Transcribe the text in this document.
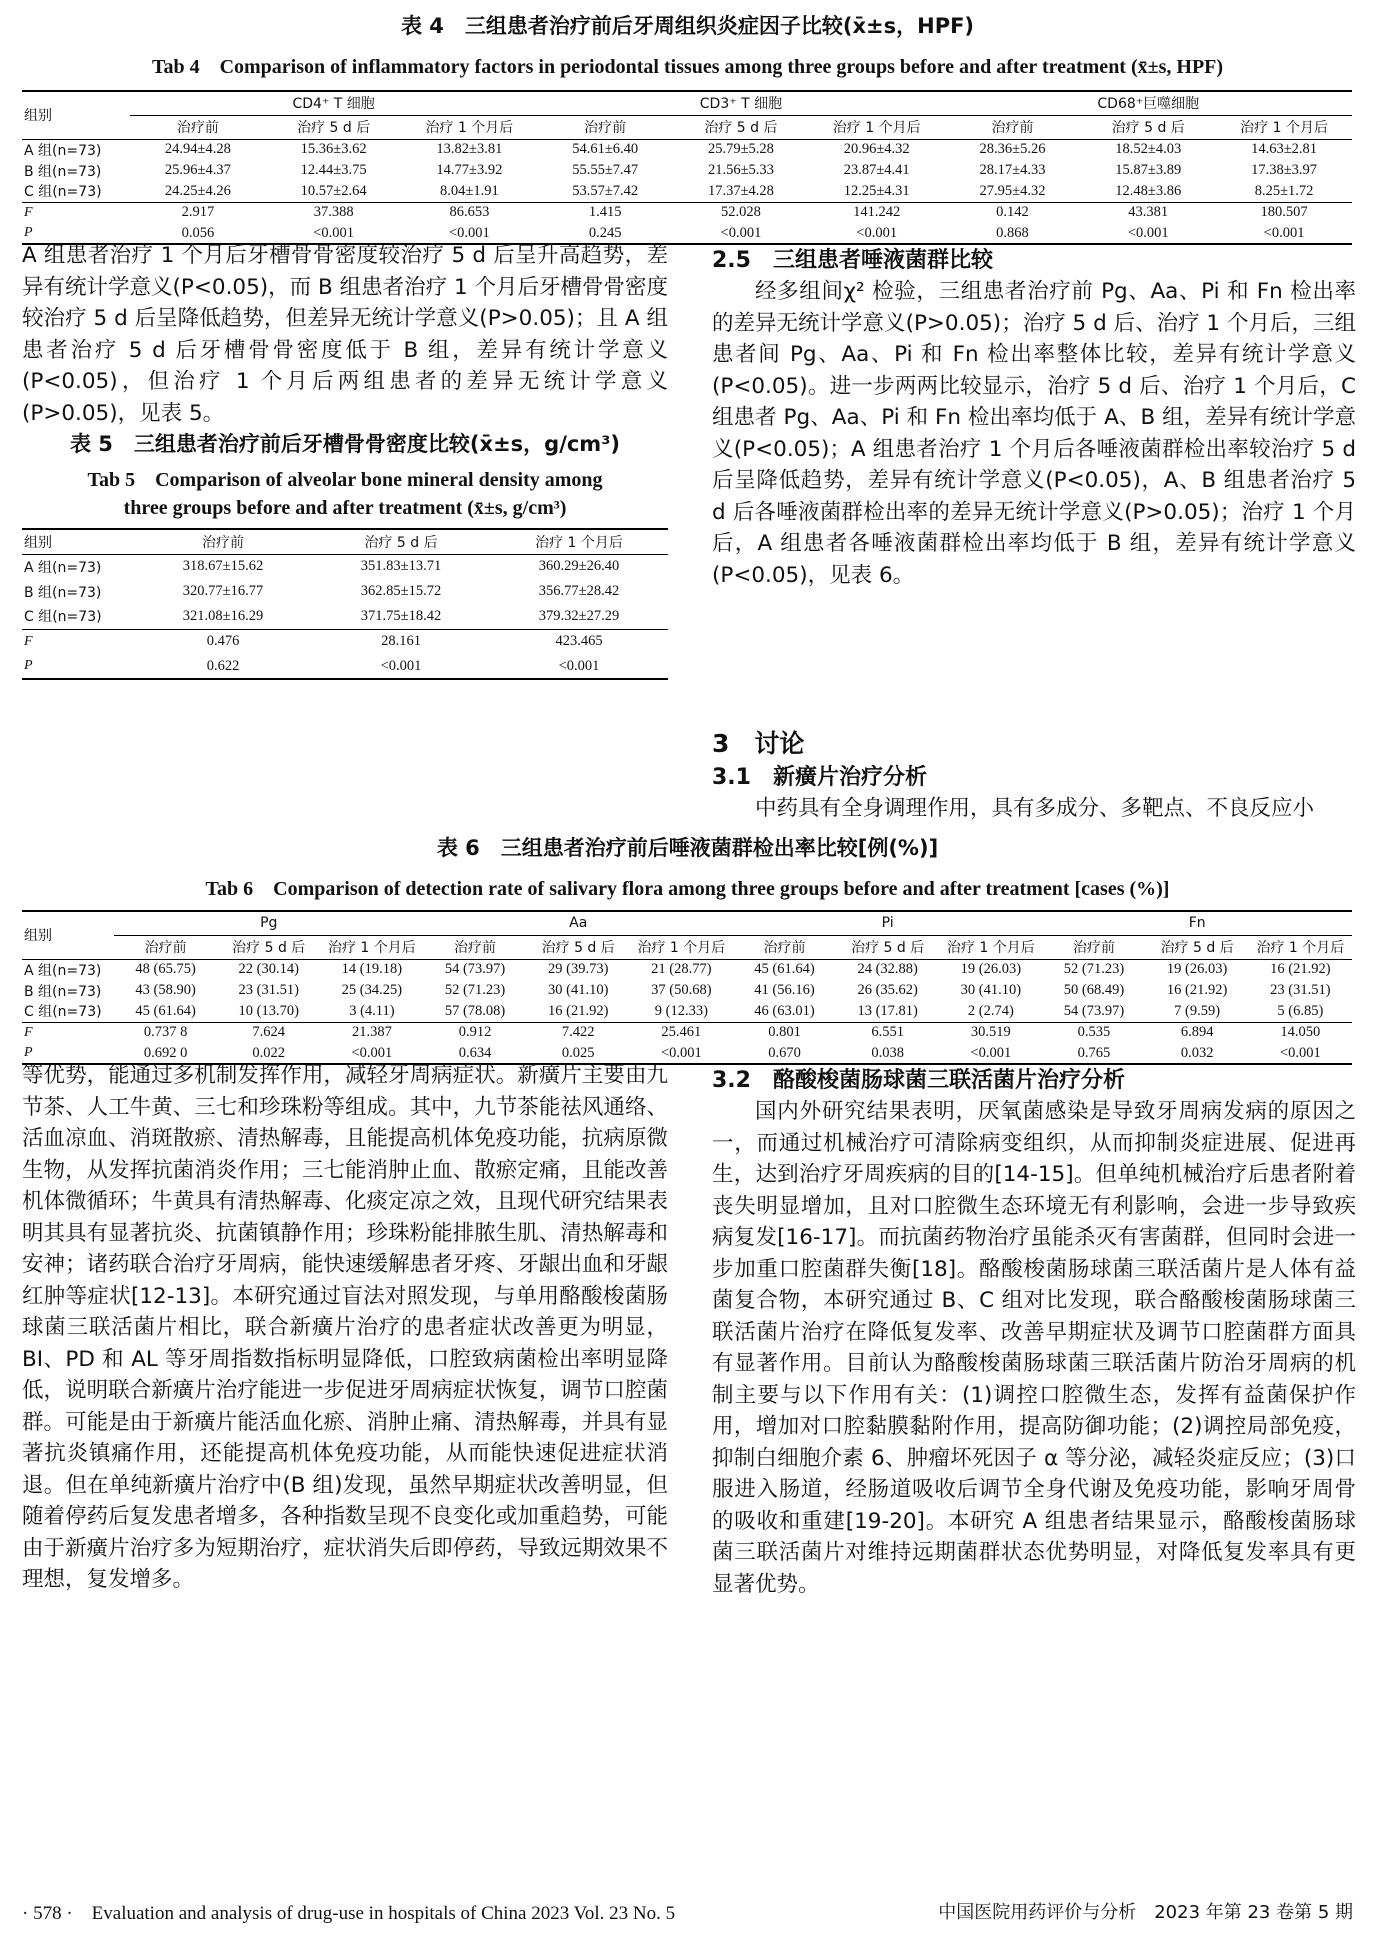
表 4　三组患者治疗前后牙周组织炎症因子比较(x̄±s，HPF)
Tab 4　Comparison of inflammatory factors in periodontal tissues among three groups before and after treatment (x̄±s, HPF)
组别	CD4⁺ T 细胞			CD3⁺ T 细胞			CD68⁺巨噬细胞		
	治疗前	治疗 5 d 后	治疗 1 个月后	治疗前	治疗 5 d 后	治疗 1 个月后	治疗前	治疗 5 d 后	治疗 1 个月后
A 组(n=73)	24.94±4.28	15.36±3.62	13.82±3.81	54.61±6.40	25.79±5.28	20.96±4.32	28.36±5.26	18.52±4.03	14.63±2.81
B 组(n=73)	25.96±4.37	12.44±3.75	14.77±3.92	55.55±7.47	21.56±5.33	23.87±4.41	28.17±4.33	15.87±3.89	17.38±3.97
C 组(n=73)	24.25±4.26	10.57±2.64	8.04±1.91	53.57±7.42	17.37±4.28	12.25±4.31	27.95±4.32	12.48±3.86	8.25±1.72
F	2.917	37.388	86.653	1.415	52.028	141.242	0.142	43.381	180.507
P	0.056	<0.001	<0.001	0.245	<0.001	<0.001	0.868	<0.001	<0.001

A 组患者治疗 1 个月后牙槽骨骨密度较治疗 5 d 后呈升高趋势，差异有统计学意义(P<0.05)，而 B 组患者治疗 1 个月后牙槽骨骨密度较治疗 5 d 后呈降低趋势，但差异无统计学意义(P>0.05)；且 A 组患者治疗 5 d 后牙槽骨骨密度低于 B 组，差异有统计学意义(P<0.05)，但治疗 1 个月后两组患者的差异无统计学意义(P>0.05)，见表 5。

表 5　三组患者治疗前后牙槽骨骨密度比较(x̄±s，g/cm³)
Tab 5　Comparison of alveolar bone mineral density among
three groups before and after treatment (x̄±s, g/cm³)
组别	治疗前	治疗 5 d 后	治疗 1 个月后
A 组(n=73)	318.67±15.62	351.83±13.71	360.29±26.40
B 组(n=73)	320.77±16.77	362.85±15.72	356.77±28.42
C 组(n=73)	321.08±16.29	371.75±18.42	379.32±27.29
F	0.476	28.161	423.465
P	0.622	<0.001	<0.001
2.5　三组患者唾液菌群比较
经多组间χ² 检验，三组患者治疗前 Pg、Aa、Pi 和 Fn 检出率的差异无统计学意义(P>0.05)；治疗 5 d 后、治疗 1 个月后，三组患者间 Pg、Aa、Pi 和 Fn 检出率整体比较，差异有统计学意义(P<0.05)。进一步两两比较显示，治疗 5 d 后、治疗 1 个月后，C 组患者 Pg、Aa、Pi 和 Fn 检出率均低于 A、B 组，差异有统计学意义(P<0.05)；A 组患者治疗 1 个月后各唾液菌群检出率较治疗 5 d 后呈降低趋势，差异有统计学意义(P<0.05)，A、B 组患者治疗 5 d 后各唾液菌群检出率的差异无统计学意义(P>0.05)；治疗 1 个月后，A 组患者各唾液菌群检出率均低于 B 组，差异有统计学意义(P<0.05)，见表 6。
3　讨论
3.1　新癀片治疗分析
中药具有全身调理作用，具有多成分、多靶点、不良反应小
表 6　三组患者治疗前后唾液菌群检出率比较[例(%)]
Tab 6　Comparison of detection rate of salivary flora among three groups before and after treatment [cases (%)]
组别	Pg			Aa			Pi			Fn		
	治疗前	治疗 5 d 后	治疗 1 个月后	治疗前	治疗 5 d 后	治疗 1 个月后	治疗前	治疗 5 d 后	治疗 1 个月后	治疗前	治疗 5 d 后	治疗 1 个月后
A 组(n=73)	48 (65.75)	22 (30.14)	14 (19.18)	54 (73.97)	29 (39.73)	21 (28.77)	45 (61.64)	24 (32.88)	19 (26.03)	52 (71.23)	19 (26.03)	16 (21.92)
B 组(n=73)	43 (58.90)	23 (31.51)	25 (34.25)	52 (71.23)	30 (41.10)	37 (50.68)	41 (56.16)	26 (35.62)	30 (41.10)	50 (68.49)	16 (21.92)	23 (31.51)
C 组(n=73)	45 (61.64)	10 (13.70)	3 (4.11)	57 (78.08)	16 (21.92)	9 (12.33)	46 (63.01)	13 (17.81)	2 (2.74)	54 (73.97)	7 (9.59)	5 (6.85)
F	0.737 8	7.624	21.387	0.912	7.422	25.461	0.801	6.551	30.519	0.535	6.894	14.050
P	0.692 0	0.022	<0.001	0.634	0.025	<0.001	0.670	0.038	<0.001	0.765	0.032	<0.001
等优势，能通过多机制发挥作用，减轻牙周病症状。新癀片主要由九节茶、人工牛黄、三七和珍珠粉等组成。其中，九节茶能祛风通络、活血凉血、消斑散瘀、清热解毒，且能提高机体免疫功能，抗病原微生物，从发挥抗菌消炎作用；三七能消肿止血、散瘀定痛，且能改善机体微循环；牛黄具有清热解毒、化痰定凉之效，且现代研究结果表明其具有显著抗炎、抗菌镇静作用；珍珠粉能排脓生肌、清热解毒和安神；诸药联合治疗牙周病，能快速缓解患者牙疼、牙龈出血和牙龈红肿等症状[12-13]。本研究通过盲法对照发现，与单用酪酸梭菌肠球菌三联活菌片相比，联合新癀片治疗的患者症状改善更为明显，BI、PD 和 AL 等牙周指数指标明显降低，口腔致病菌检出率明显降低，说明联合新癀片治疗能进一步促进牙周病症状恢复，调节口腔菌群。可能是由于新癀片能活血化瘀、消肿止痛、清热解毒，并具有显著抗炎镇痛作用，还能提高机体免疫功能，从而能快速促进症状消退。但在单纯新癀片治疗中(B 组)发现，虽然早期症状改善明显，但随着停药后复发患者增多，各种指数呈现不良变化或加重趋势，可能由于新癀片治疗多为短期治疗，症状消失后即停药，导致远期效果不理想，复发增多。
3.2　酪酸梭菌肠球菌三联活菌片治疗分析
国内外研究结果表明，厌氧菌感染是导致牙周病发病的原因之一，而通过机械治疗可清除病变组织，从而抑制炎症进展、促进再生，达到治疗牙周疾病的目的[14-15]。但单纯机械治疗后患者附着丧失明显增加，且对口腔微生态环境无有利影响，会进一步导致疾病复发[16-17]。而抗菌药物治疗虽能杀灭有害菌群，但同时会进一步加重口腔菌群失衡[18]。酪酸梭菌肠球菌三联活菌片是人体有益菌复合物，本研究通过 B、C 组对比发现，联合酪酸梭菌肠球菌三联活菌片治疗在降低复发率、改善早期症状及调节口腔菌群方面具有显著作用。目前认为酪酸梭菌肠球菌三联活菌片防治牙周病的机制主要与以下作用有关：(1)调控口腔微生态，发挥有益菌保护作用，增加对口腔黏膜黏附作用，提高防御功能；(2)调控局部免疫，抑制白细胞介素 6、肿瘤坏死因子 α 等分泌，减轻炎症反应；(3)口服进入肠道，经肠道吸收后调节全身代谢及免疫功能，影响牙周骨的吸收和重建[19-20]。本研究 A 组患者结果显示，酪酸梭菌肠球菌三联活菌片对维持远期菌群状态优势明显，对降低复发率具有更显著优势。
· 578 ·　Evaluation and analysis of drug-use in hospitals of China 2023 Vol. 23 No. 5	中国医院用药评价与分析　2023 年第 23 卷第 5 期
